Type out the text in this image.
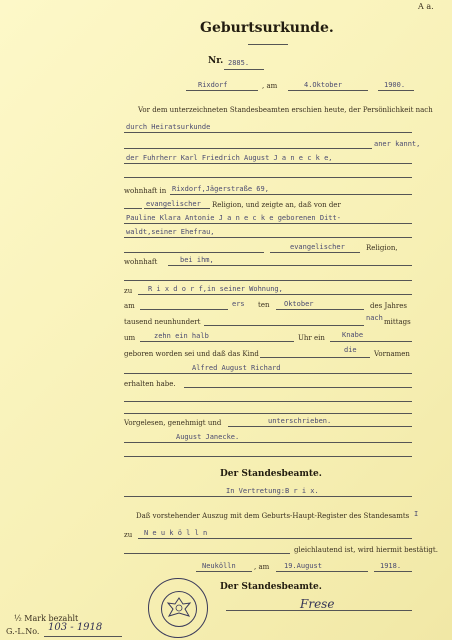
A a.
Geburtsurkunde.
Nr. 2885.
Rixdorf	, am	4.Oktober	1900.
Vor dem unterzeichneten Standesbeamten erschien heute, der Persönlichkeit nach
durch Heiratsurkunde
aner kannt,
der Fuhrherr Karl Friedrich August J a n e c k e,
wohnhaft in Rixdorf,Jägerstraße 69,
evangelischer Religion, und zeigte an, daß von der
Pauline Klara Antonie J a n e c k e geborenen Ditt-
waldt,seiner Ehefrau,
evangelischer	Religion,
wohnhaft	bei ihm,
zu R i x d o r f,in seiner Wohnung,
am	ers ten Oktober	des Jahres
tausend neunhundert	nach mittags
um	zehn ein halb	Uhr ein Knabe
geboren worden sei und daß das Kind	die Vornamen
Alfred August Richard
erhalten habe.
Vorgelesen, genehmigt und	unterschrieben.
August Janecke.
Der Standesbeamte.
In Vertretung:B r i x.
Daß vorstehender Auszug mit dem Geburts-Haupt-Register des Standesamts I
zu N e u k ö l l n
gleichlautend ist, wird hiermit bestätigt.
Neukölln	, am 19.August	1918.
Der Standesbeamte.
Frese
½ Mark bezahlt
G.-L.No. 103 - 1918
